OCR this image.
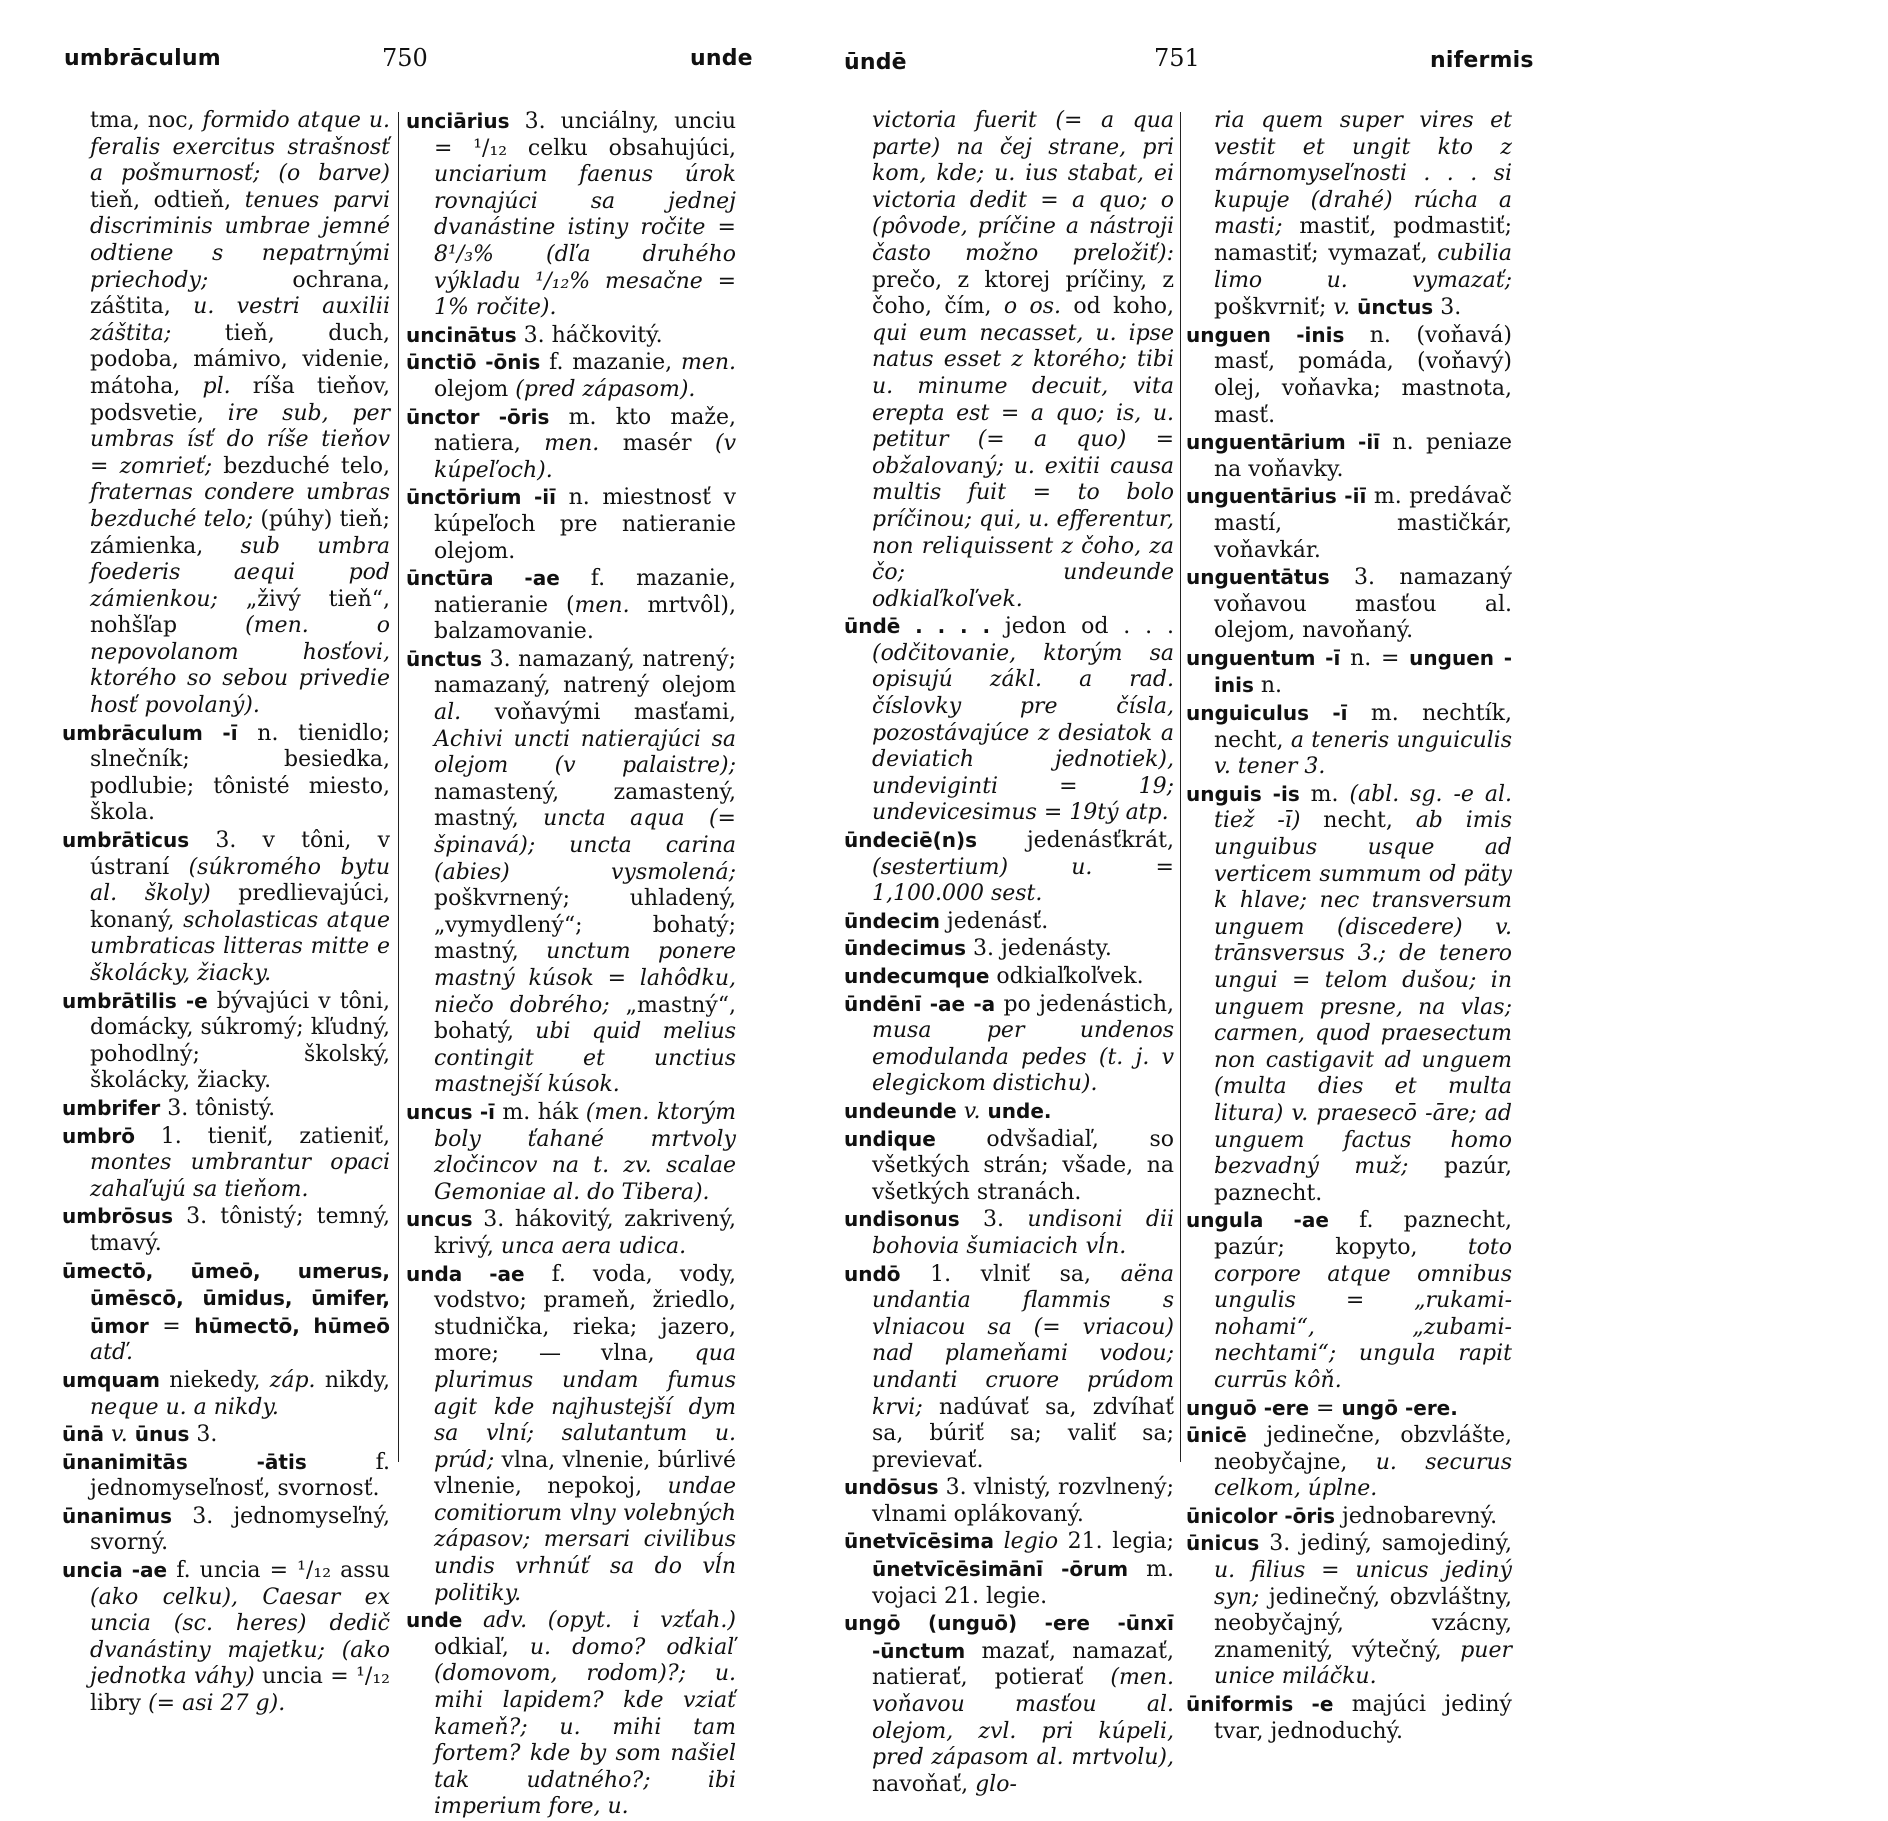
umbrāculum	750	unde

tma, noc, formido atque u. feralis exercitus strašnosť a pošmurnosť; (o barve) tieň, odtieň, tenues parvi discriminis umbrae jemné odtiene s nepatrnými priechody; ochrana, záštita, u. vestri auxilii záštita; tieň, duch, podoba, mámivo, videnie, mátoha, pl. ríša tieňov, podsvetie, ire sub, per umbras ísť do ríše tieňov = zomrieť; bezduché telo, fraternas condere umbras bezduché telo; (púhy) tieň; zámienka, sub umbra foederis aequi pod zámienkou; „živý tieň“, nohšľap (men. o nepovolanom hosťovi, ktorého so sebou privedie hosť povolaný).

umbrāculum -ī n. tienidlo; slnečník; besiedka, podlubie; tônisté miesto, škola.

umbrāticus 3. v tôni, v ústraní (súkromého bytu al. školy) predlievajúci, konaný, scholasticas atque umbraticas litteras mitte e školácky, žiacky.

umbrātilis -e bývajúci v tôni, domácky, súkromý; kľudný, pohodlný; školský, školácky, žiacky.

umbrifer 3. tônistý.

umbrō 1. tieniť, zatieniť, montes umbrantur opaci zahaľujú sa tieňom.

umbrōsus 3. tônistý; temný, tmavý.

ūmectō, ūmeō, umerus, ūmēscō, ūmidus, ūmifer, ūmor = hūmectō, hūmeō atď.

umquam niekedy, záp. nikdy, neque u. a nikdy.

ūnā v. ūnus 3.

ūnanimitās -ātis f. jednomyseľnosť, svornosť.

ūnanimus 3. jednomyseľný, svorný.

uncia -ae f. uncia = ¹/₁₂ assu (ako celku), Caesar ex uncia (sc. heres) dedič dvanástiny majetku; (ako jednotka váhy) uncia = ¹/₁₂ libry (= asi 27 g).

unciārius 3. unciálny, unciu = ¹/₁₂ celku obsahujúci, unciarium faenus úrok rovnajúci sa jednej dvanástine istiny ročite = 8¹/₃% (dľa druhého výkladu ¹/₁₂% mesačne = 1% ročite).

uncinātus 3. háčkovitý.

ūnctiō -ōnis f. mazanie, men. olejom (pred zápasom).

ūnctor -ōris m. kto maže, natiera, men. masér (v kúpeľoch).

ūnctōrium -iī n. miestnosť v kúpeľoch pre natieranie olejom.

ūnctūra -ae f. mazanie, natieranie (men. mrtvôl), balzamovanie.

ūnctus 3. namazaný, natrený; namazaný, natrený olejom al. voňavými masťami, Achivi uncti natierajúci sa olejom (v palaistre); namastený, zamastený, mastný, uncta aqua (= špinavá); uncta carina (abies) vysmolená; poškvrnený; uhladený, „vymydlený“; bohatý; mastný, unctum ponere mastný kúsok = lahôdku, niečo dobrého; „mastný“, bohatý, ubi quid melius contingit et unctius mastnejší kúsok.

uncus -ī m. hák (men. ktorým boly ťahané mrtvoly zločincov na t. zv. scalae Gemoniae al. do Tibera).

uncus 3. hákovitý, zakrivený, krivý, unca aera udica.

unda -ae f. voda, vody, vodstvo; prameň, žriedlo, studnička, rieka; jazero, more; — vlna, qua plurimus undam fumus agit kde najhustejší dym sa vlní; salutantum u. prúd; vlna, vlnenie, búrlivé vlnenie, nepokoj, undae comitiorum vlny volebných zápasov; mersari civilibus undis vrhnúť sa do vĺn politiky.

unde adv. (opyt. i vzťah.) odkiaľ, u. domo? odkiaľ (domovom, rodom)?; u. mihi lapidem? kde vziať kameň?; u. mihi tam fortem? kde by som našiel tak udatného?; ibi imperium fore, u.

ūndē	751	nifermis

victoria fuerit (= a qua parte) na čej strane, pri kom, kde; u. ius stabat, ei victoria dedit = a quo; o (pôvode, príčine a nástroji často možno preložiť): prečo, z ktorej príčiny, z čoho, čím, o os. od koho, qui eum necasset, u. ipse natus esset z ktorého; tibi u. minume decuit, vita erepta est = a quo; is, u. petitur (= a quo) = obžalovaný; u. exitii causa multis fuit = to bolo príčinou; qui, u. efferentur, non reliquissent z čoho, za čo; undeunde odkiaľkoľvek.

ūndē . . . . jedon od . . . (odčitovanie, ktorým sa opisujú zákl. a rad. číslovky pre čísla, pozostávajúce z desiatok a deviatich jednotiek), undeviginti = 19; undevicesimus = 19tý atp.

ūndeciē(n)s jedenásťkrát, (sestertium) u. = 1,100.000 sest.

ūndecim jedenásť.

ūndecimus 3. jedenásty.

undecumque odkiaľkoľvek.

ūndēnī -ae -a po jedenástich, musa per undenos emodulanda pedes (t. j. v elegickom distichu).

undeunde v. unde.

undique odvšadiaľ, so všetkých strán; všade, na všetkých stranách.

undisonus 3. undisoni dii bohovia šumiacich vĺn.

undō 1. vlniť sa, aëna undantia flammis s vlniacou sa (= vriacou) nad plameňami vodou; undanti cruore prúdom krvi; nadúvať sa, zdvíhať sa, búriť sa; valiť sa; previevať.

undōsus 3. vlnistý, rozvlnený; vlnami oplákovaný.

ūnetvīcēsima legio 21. legia; ūnetvīcēsimānī -ōrum m. vojaci 21. legie.

ungō (unguō) -ere -ūnxī -ūnctum mazať, namazať, natierať, potierať (men. voňavou masťou al. olejom, zvl. pri kúpeli, pred zápasom al. mrtvolu), navoňať, glo-

ria quem super vires et vestit et ungit kto z márnomyseľnosti . . . si kupuje (drahé) rúcha a masti; mastiť, podmastiť; namastiť; vymazať, cubilia limo u. vymazať; poškvrniť; v. ūnctus 3.

unguen -inis n. (voňavá) masť, pomáda, (voňavý) olej, voňavka; mastnota, masť.

unguentārium -iī n. peniaze na voňavky.

unguentārius -iī m. predávač mastí, mastičkár, voňavkár.

unguentātus 3. namazaný voňavou masťou al. olejom, navoňaný.

unguentum -ī n. = unguen -inis n.

unguiculus -ī m. nechtík, necht, a teneris unguiculis v. tener 3.

unguis -is m. (abl. sg. -e al. tiež -ī) necht, ab imis unguibus usque ad verticem summum od päty k hlave; nec transversum unguem (discedere) v. trānsversus 3.; de tenero ungui = telom dušou; in unguem presne, na vlas; carmen, quod praesectum non castigavit ad unguem (multa dies et multa litura) v. praesecō -āre; ad unguem factus homo bezvadný muž; pazúr, paznecht.

ungula -ae f. paznecht, pazúr; kopyto, toto corpore atque omnibus ungulis = „rukami-nohami“, „zubami-nechtami“; ungula rapit currūs kôň.

unguō -ere = ungō -ere.

ūnicē jedinečne, obzvlášte, neobyčajne, u. securus celkom, úplne.

ūnicolor -ōris jednobarevný.

ūnicus 3. jediný, samojediný, u. filius = unicus jediný syn; jedinečný, obzvláštny, neobyčajný, vzácny, znamenitý, výtečný, puer unice miláčku.

ūniformis -e majúci jediný tvar, jednoduchý.
